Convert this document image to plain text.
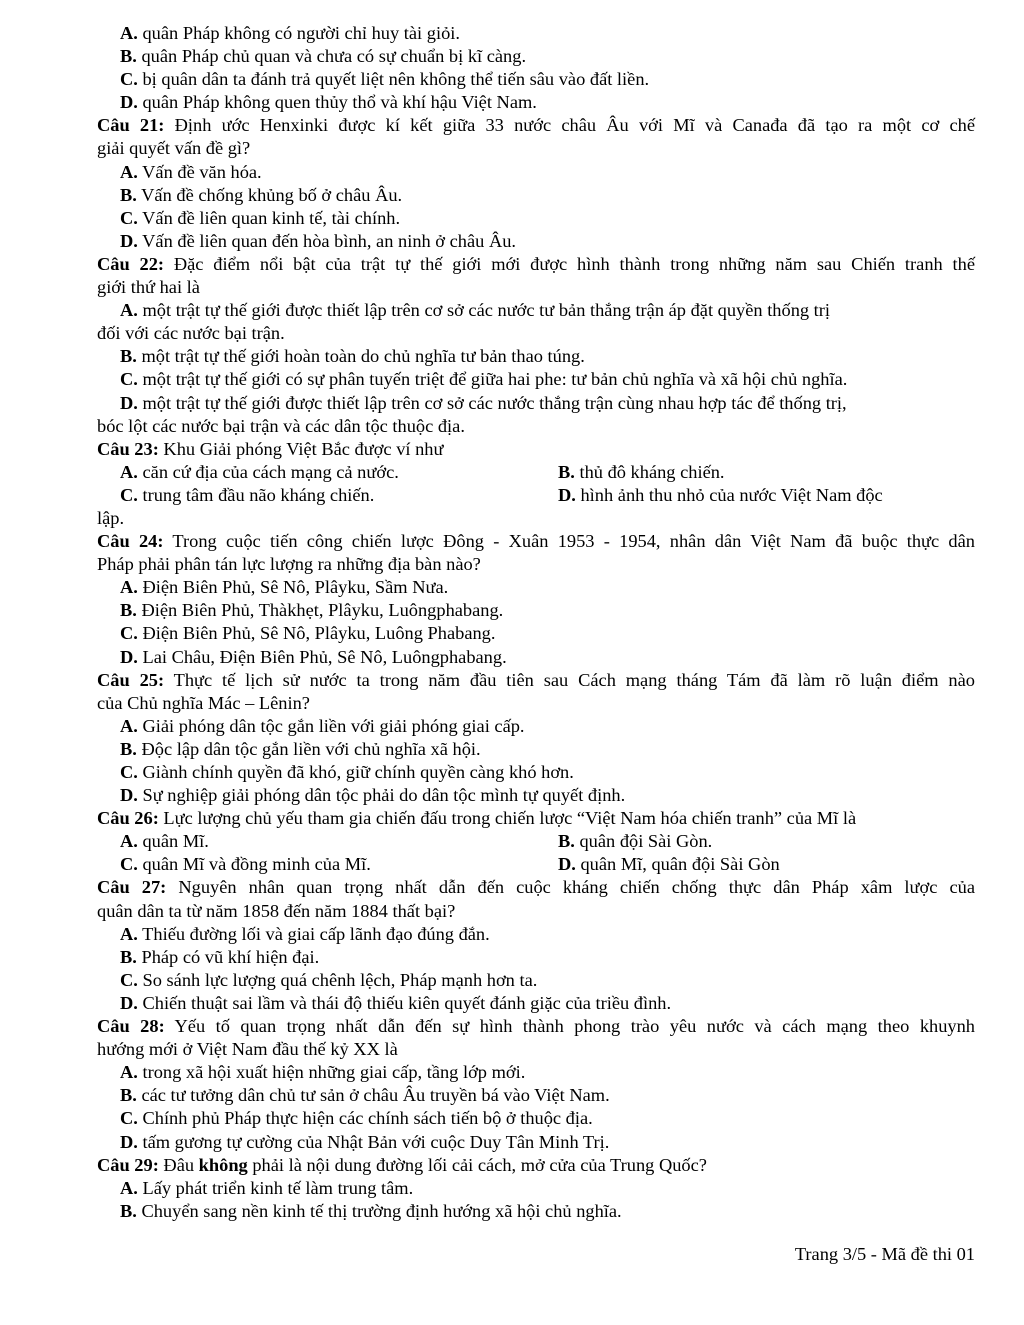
A. quân Pháp không có người chỉ huy tài giỏi.
B. quân Pháp chủ quan và chưa có sự chuẩn bị kĩ càng.
C. bị quân dân ta đánh trả quyết liệt nên không thể tiến sâu vào đất liền.
D. quân Pháp không quen thủy thổ và khí hậu Việt Nam.
Câu 21: Định ước Henxinki được kí kết giữa 33 nước châu Âu với Mĩ và Canađa đã tạo ra một cơ chế
giải quyết vấn đề gì?
A. Vấn đề văn hóa.
B. Vấn đề chống khủng bố ở châu Âu.
C. Vấn đề liên quan kinh tế, tài chính.
D. Vấn đề liên quan đến hòa bình, an ninh ở châu Âu.
Câu 22: Đặc điểm nổi bật của trật tự thế giới mới được hình thành trong những năm sau Chiến tranh thế
giới thứ hai là
A. một trật tự thế giới được thiết lập trên cơ sở các nước tư bản thắng trận áp đặt quyền thống trị
đối với các nước bại trận.
B. một trật tự thế giới hoàn toàn do chủ nghĩa tư bản thao túng.
C. một trật tự thế giới có sự phân tuyến triệt để giữa hai phe: tư bản chủ nghĩa và xã hội chủ nghĩa.
D. một trật tự thế giới được thiết lập trên cơ sở các nước thắng trận cùng nhau hợp tác để thống trị,
bóc lột các nước bại trận và các dân tộc thuộc địa.
Câu 23: Khu Giải phóng Việt Bắc được ví như
A. căn cứ địa của cách mạng cả nước.	B. thủ đô kháng chiến.
C. trung tâm đầu não kháng chiến.	D. hình ảnh thu nhỏ của nước Việt Nam độc
lập.
Câu 24: Trong cuộc tiến công chiến lược Đông - Xuân 1953 - 1954, nhân dân Việt Nam đã buộc thực dân
Pháp phải phân tán lực lượng ra những địa bàn nào?
A. Điện Biên Phủ, Sê Nô, Plâyku, Sầm Nưa.
B. Điện Biên Phủ, Thàkhẹt, Plâyku, Luôngphabang.
C. Điện Biên Phủ, Sê Nô, Plâyku, Luông Phabang.
D. Lai Châu, Điện Biên Phủ, Sê Nô, Luôngphabang.
Câu 25: Thực tế lịch sử nước ta trong năm đầu tiên sau Cách mạng tháng Tám đã làm rõ luận điểm nào
của Chủ nghĩa Mác – Lênin?
A. Giải phóng dân tộc gắn liền với giải phóng giai cấp.
B. Độc lập dân tộc gắn liền với chủ nghĩa xã hội.
C. Giành chính quyền đã khó, giữ chính quyền càng khó hơn.
D. Sự nghiệp giải phóng dân tộc phải do dân tộc mình tự quyết định.
Câu 26: Lực lượng chủ yếu tham gia chiến đấu trong chiến lược “Việt Nam hóa chiến tranh” của Mĩ là
A. quân Mĩ.	B. quân đội Sài Gòn.
C. quân Mĩ và đồng minh của Mĩ.	D. quân Mĩ, quân đội Sài Gòn
Câu 27: Nguyên nhân quan trọng nhất dẫn đến cuộc kháng chiến chống thực dân Pháp xâm lược của
quân dân ta từ năm 1858 đến năm 1884 thất bại?
A. Thiếu đường lối và giai cấp lãnh đạo đúng đắn.
B. Pháp có vũ khí hiện đại.
C. So sánh lực lượng quá chênh lệch, Pháp mạnh hơn ta.
D. Chiến thuật sai lầm và thái độ thiếu kiên quyết đánh giặc của triều đình.
Câu 28: Yếu tố quan trọng nhất dẫn đến sự hình thành phong trào yêu nước và cách mạng theo khuynh
hướng mới ở Việt Nam đầu thế kỷ XX là
A. trong xã hội xuất hiện những giai cấp, tầng lớp mới.
B. các tư tưởng dân chủ tư sản ở châu Âu truyền bá vào Việt Nam.
C. Chính phủ Pháp thực hiện các chính sách tiến bộ ở thuộc địa.
D. tấm gương tự cường của Nhật Bản với cuộc Duy Tân Minh Trị.
Câu 29: Đâu không phải là nội dung đường lối cải cách, mở cửa của Trung Quốc?
A. Lấy phát triển kinh tế làm trung tâm.
B. Chuyển sang nền kinh tế thị trường định hướng xã hội chủ nghĩa.
Trang 3/5 - Mã đề thi 01
